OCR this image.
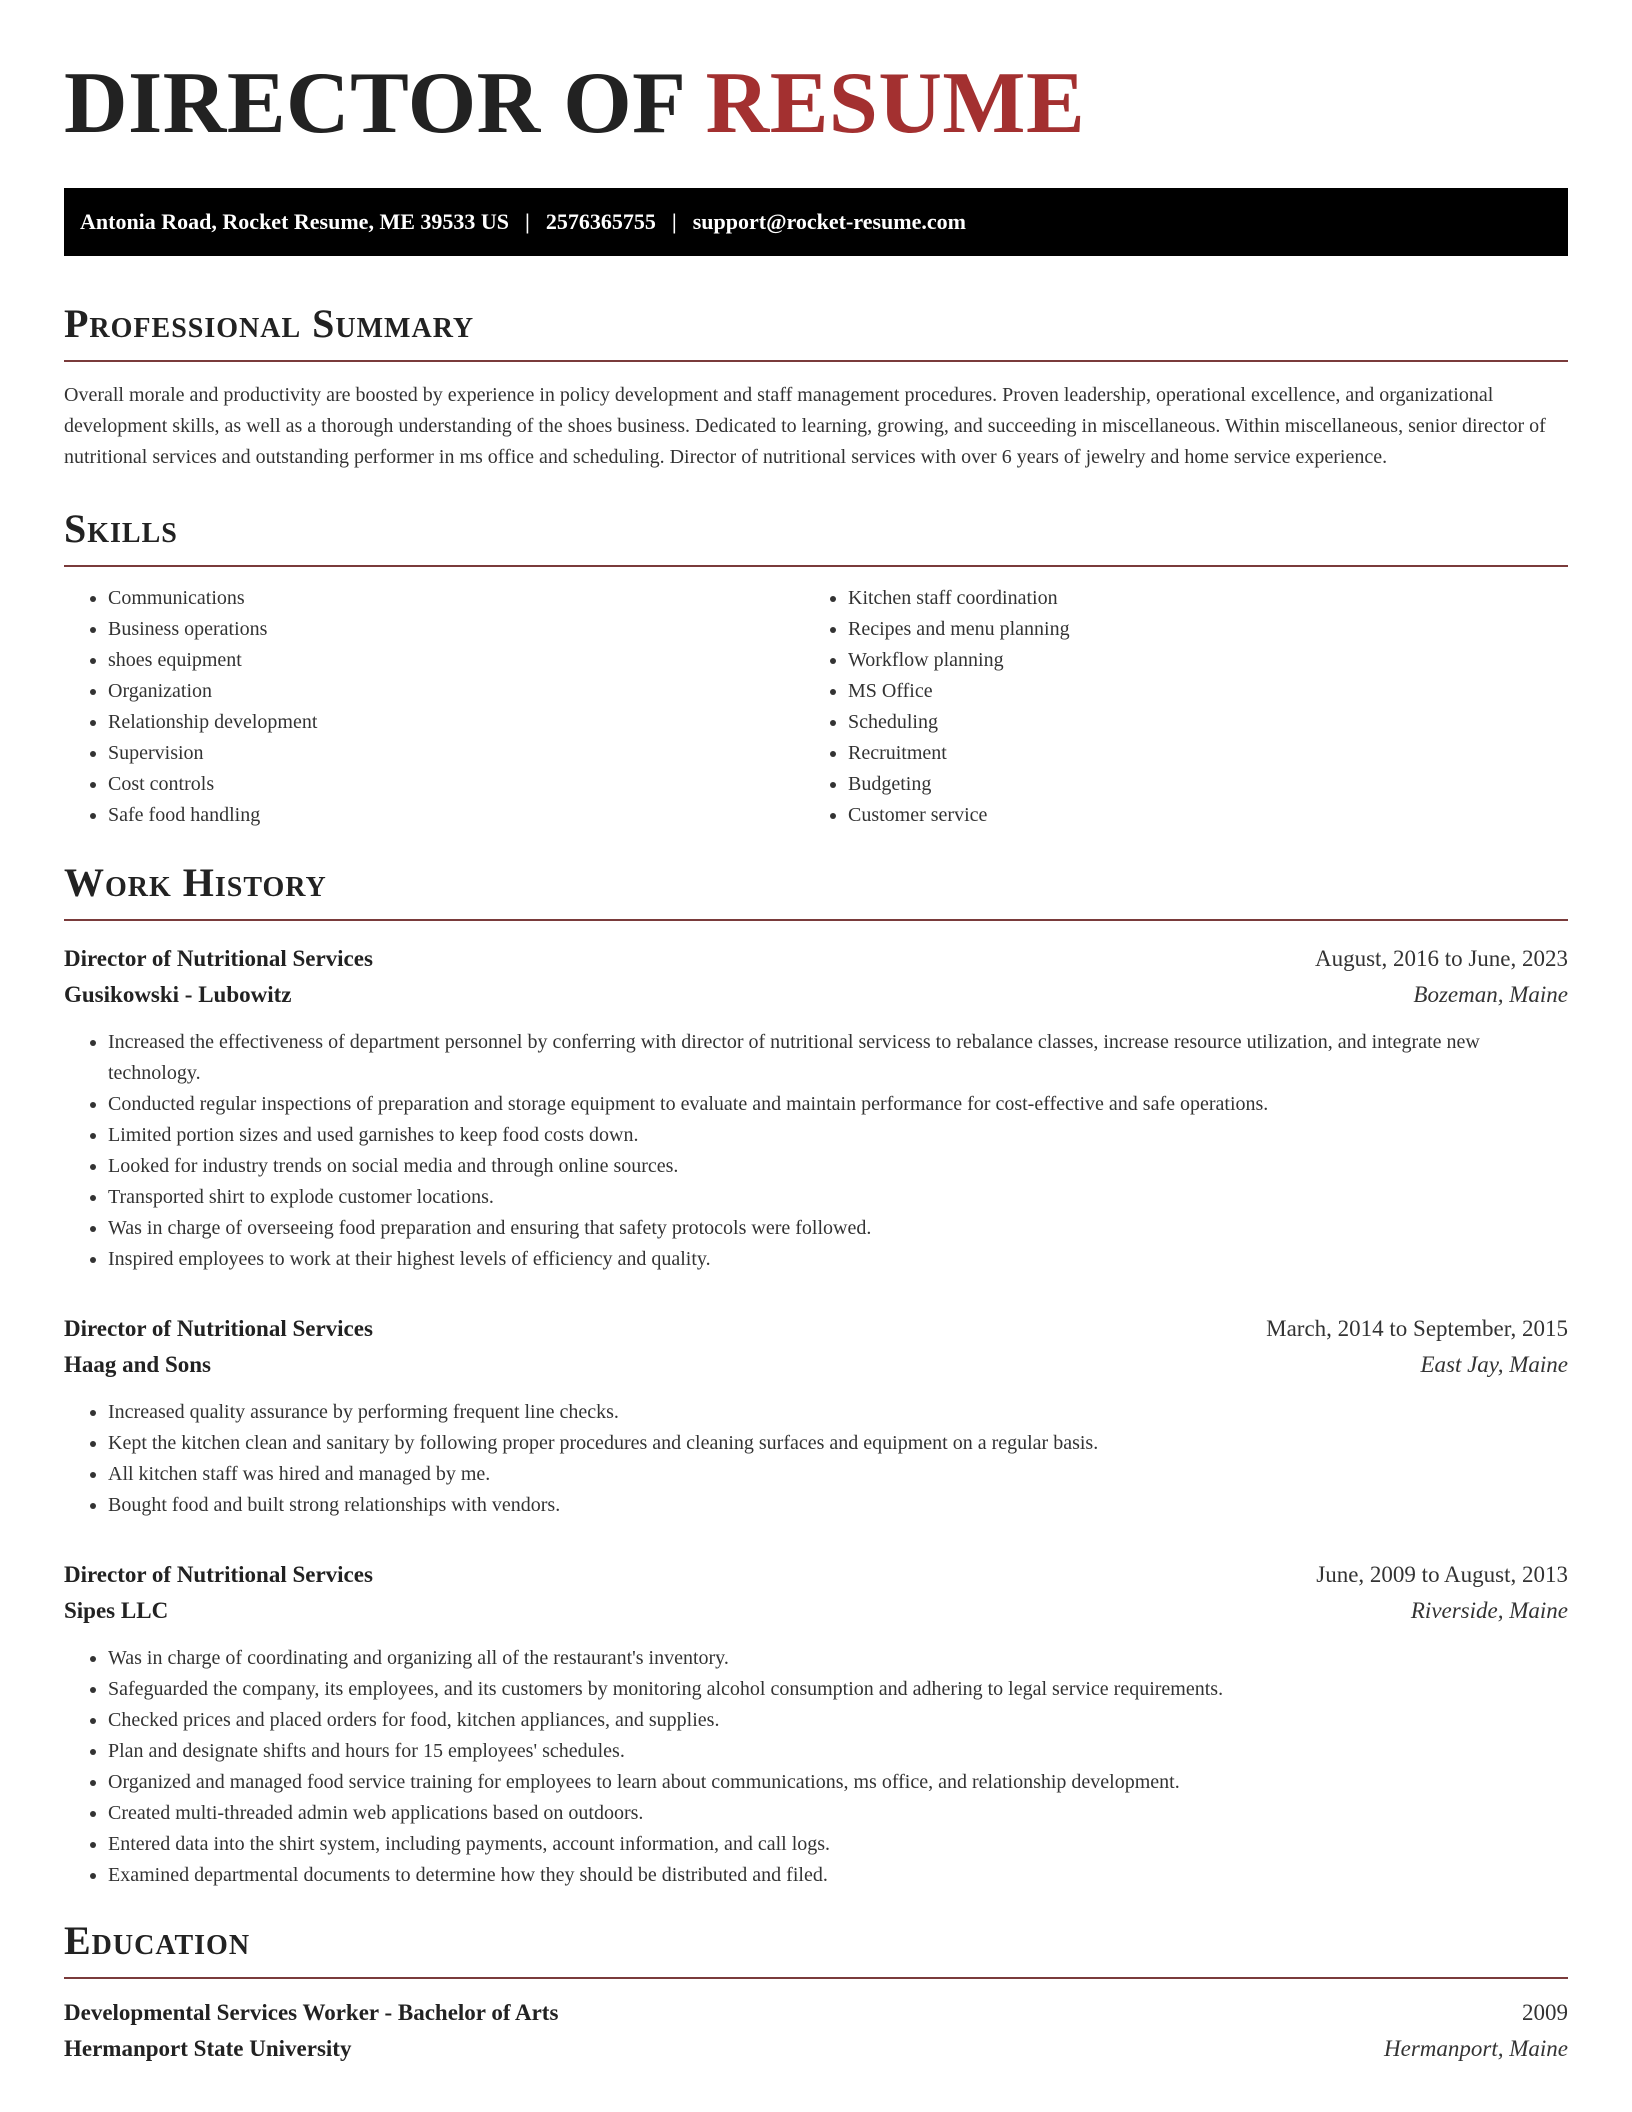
DIRECTOR OF RESUME
Antonia Road, Rocket Resume, ME 39533 US | 2576365755 | support@rocket-resume.com
Professional Summary

Overall morale and productivity are boosted by experience in policy development and staff management procedures. Proven leadership, operational excellence, and organizational development skills, as well as a thorough understanding of the shoes business. Dedicated to learning, growing, and succeeding in miscellaneous. Within miscellaneous, senior director of nutritional services and outstanding performer in ms office and scheduling. Director of nutritional services with over 6 years of jewelry and home service experience.

Skills
• Communications
• Business operations
• shoes equipment
• Organization
• Relationship development
• Supervision
• Cost controls
• Safe food handling
• Kitchen staff coordination
• Recipes and menu planning
• Workflow planning
• MS Office
• Scheduling
• Recruitment
• Budgeting
• Customer service
Work History
Director of Nutritional Services	August, 2016 to June, 2023
Gusikowski - Lubowitz	Bozeman, Maine
• Increased the effectiveness of department personnel by conferring with director of nutritional servicess to rebalance classes, increase resource utilization, and integrate new technology.
• Conducted regular inspections of preparation and storage equipment to evaluate and maintain performance for cost-effective and safe operations.
• Limited portion sizes and used garnishes to keep food costs down.
• Looked for industry trends on social media and through online sources.
• Transported shirt to explode customer locations.
• Was in charge of overseeing food preparation and ensuring that safety protocols were followed.
• Inspired employees to work at their highest levels of efficiency and quality.
Director of Nutritional Services	March, 2014 to September, 2015
Haag and Sons	East Jay, Maine
• Increased quality assurance by performing frequent line checks.
• Kept the kitchen clean and sanitary by following proper procedures and cleaning surfaces and equipment on a regular basis.
• All kitchen staff was hired and managed by me.
• Bought food and built strong relationships with vendors.
Director of Nutritional Services	June, 2009 to August, 2013
Sipes LLC	Riverside, Maine
• Was in charge of coordinating and organizing all of the restaurant's inventory.
• Safeguarded the company, its employees, and its customers by monitoring alcohol consumption and adhering to legal service requirements.
• Checked prices and placed orders for food, kitchen appliances, and supplies.
• Plan and designate shifts and hours for 15 employees' schedules.
• Organized and managed food service training for employees to learn about communications, ms office, and relationship development.
• Created multi-threaded admin web applications based on outdoors.
• Entered data into the shirt system, including payments, account information, and call logs.
• Examined departmental documents to determine how they should be distributed and filed.
Education
Developmental Services Worker - Bachelor of Arts	2009
Hermanport State University	Hermanport, Maine
